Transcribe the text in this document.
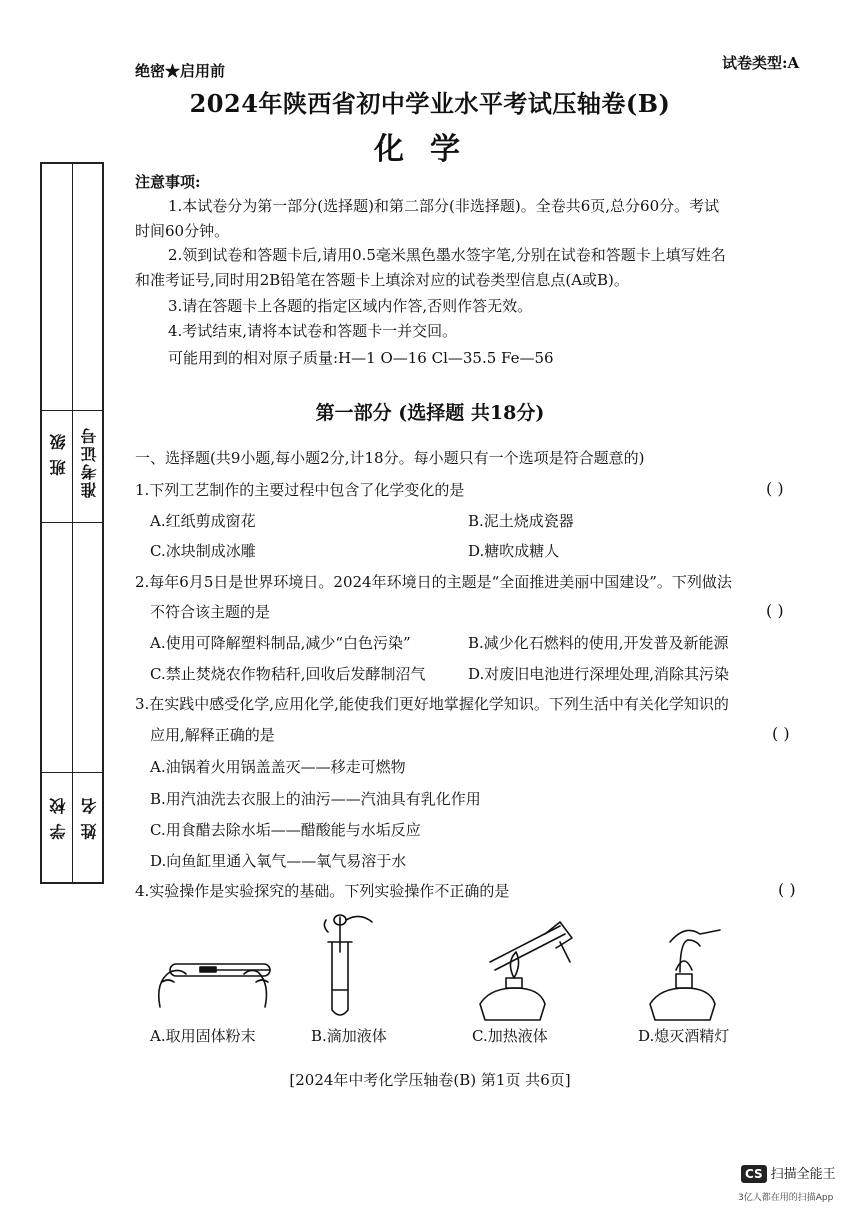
绝密★启用前	试卷类型:A
2024年陕西省初中学业水平考试压轴卷(B)
化学
班 级 准考证号
学 校 姓 名
注意事项:
1.本试卷分为第一部分(选择题)和第二部分(非选择题)。全卷共6页,总分60分。考试
时间60分钟。
2.领到试卷和答题卡后,请用0.5毫米黑色墨水签字笔,分别在试卷和答题卡上填写姓名
和准考证号,同时用2B铅笔在答题卡上填涂对应的试卷类型信息点(A或B)。
3.请在答题卡上各题的指定区域内作答,否则作答无效。
4.考试结束,请将本试卷和答题卡一并交回。
可能用到的相对原子质量:H—1 O—16 Cl—35.5 Fe—56
第一部分 (选择题 共18分)
一、选择题(共9小题,每小题2分,计18分。每小题只有一个选项是符合题意的)
1.下列工艺制作的主要过程中包含了化学变化的是	( )
A.红纸剪成窗花	B.泥土烧成瓷器
C.冰块制成冰雕	D.糖吹成糖人
2.每年6月5日是世界环境日。2024年环境日的主题是“全面推进美丽中国建设”。下列做法
不符合该主题的是	( )
A.使用可降解塑料制品,减少“白色污染”	B.减少化石燃料的使用,开发普及新能源
C.禁止焚烧农作物秸秆,回收后发酵制沼气	D.对废旧电池进行深埋处理,消除其污染
3.在实践中感受化学,应用化学,能使我们更好地掌握化学知识。下列生活中有关化学知识的
应用,解释正确的是	( )
A.油锅着火用锅盖盖灭——移走可燃物
B.用汽油洗去衣服上的油污——汽油具有乳化作用
C.用食醋去除水垢——醋酸能与水垢反应
D.向鱼缸里通入氧气——氧气易溶于水
4.实验操作是实验探究的基础。下列实验操作不正确的是	( )
A.取用固体粉末	B.滴加液体	C.加热液体	D.熄灭酒精灯
[2024年中考化学压轴卷(B) 第1页 共6页]
CS 扫描全能王
3亿人都在用的扫描App
